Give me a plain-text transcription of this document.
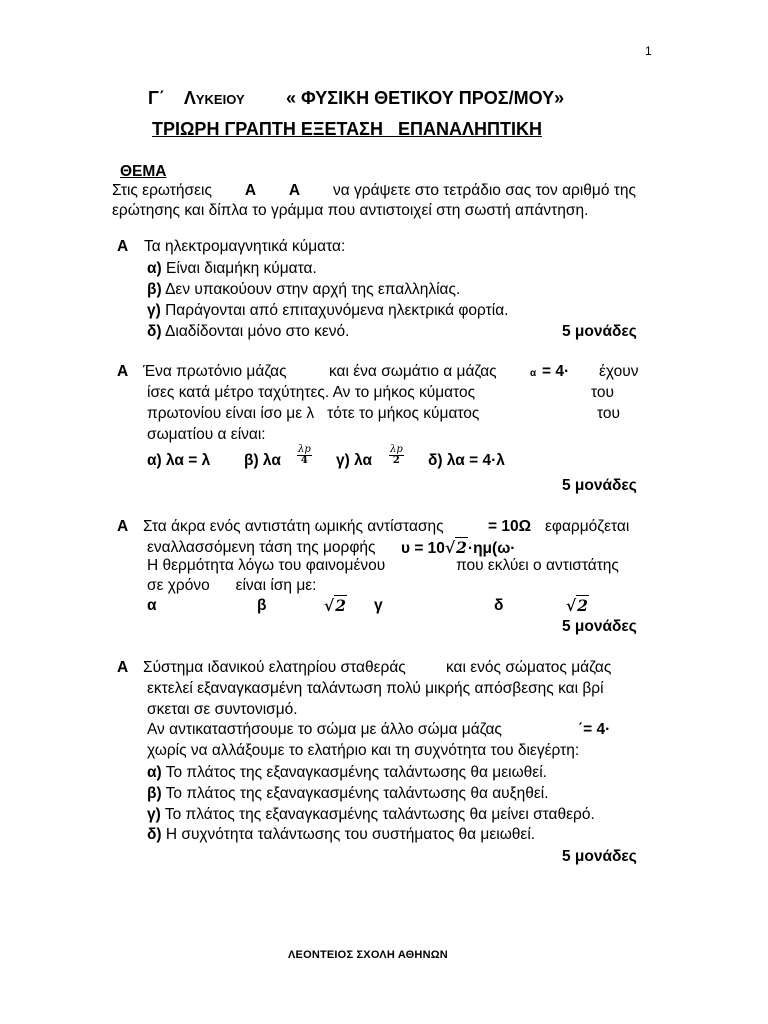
1
Γ΄ Λυκειου « ΦΥΣΙΚΗ ΘΕΤΙΚΟΥ ΠΡΟΣ/ΜΟΥ»
ΤΡΙΩΡΗ ΓΡΑΠΤΗ ΕΞΕΤΑΣΗ   ΕΠΑΝΑΛΗΠΤΙΚΗ
ΘΕΜΑ
Στις ερωτήσεις Α Α να γράψετε στο τετράδιο σας τον αριθμό της
ερώτησης και δίπλα το γράμμα που αντιστοιχεί στη σωστή απάντηση.
Α Τα ηλεκτρομαγνητικά κύματα:
α) Είναι διαμήκη κύματα.
β) Δεν υπακούουν στην αρχή της επαλληλίας.
γ) Παράγονται από επιταχυνόμενα ηλεκτρικά φορτία.
δ) Διαδίδονται μόνο στο κενό.	5 μονάδες
Α Ένα πρωτόνιο μάζας	και ένα σωμάτιο α μάζας	α = 4· έχουν
ίσες κατά μέτρο ταχύτητες. Αν το μήκος κύματος	του
πρωτονίου είναι ίσο με λ   τότε το μήκος κύματος	του
σωματίου α είναι:
α) λα = λ β) λα $\frac{\lambda p}{4} \gamma$) λα $\frac{\lambda p}{2} \delta$) λα = 4·λ
5 μονάδες
Α Στα άκρα ενός αντιστάτη ωμικής αντίστασης	= 10Ω εφαρμόζεται
εναλλασσόμενη τάση της μορφής υ = 10√2·ημ(ω·
Η θερμότητα λόγω του φαινομένου	που εκλύει ο αντιστάτης
σε χρόνο      είναι ίση με:
α	β	√2 γ	δ	√2
5 μονάδες
Α Σύστημα ιδανικού ελατηρίου σταθεράς	και ενός σώματος μάζας
εκτελεί εξαναγκασμένη ταλάντωση πολύ μικρής απόσβεσης και βρί
σκεται σε συντονισμό.
Αν αντικαταστήσουμε το σώμα με άλλο σώμα μάζας	΄= 4·
χωρίς να αλλάξουμε το ελατήριο και τη συχνότητα του διεγέρτη:
α) Το πλάτος της εξαναγκασμένης ταλάντωσης θα μειωθεί.
β) Το πλάτος της εξαναγκασμένης ταλάντωσης θα αυξηθεί.
γ) Το πλάτος της εξαναγκασμένης ταλάντωσης θα μείνει σταθερό.
δ) Η συχνότητα ταλάντωσης του συστήματος θα μειωθεί.
5 μονάδες
ΛΕΟΝΤΕΙΟΣ ΣΧΟΛΗ ΑΘΗΝΩΝ
